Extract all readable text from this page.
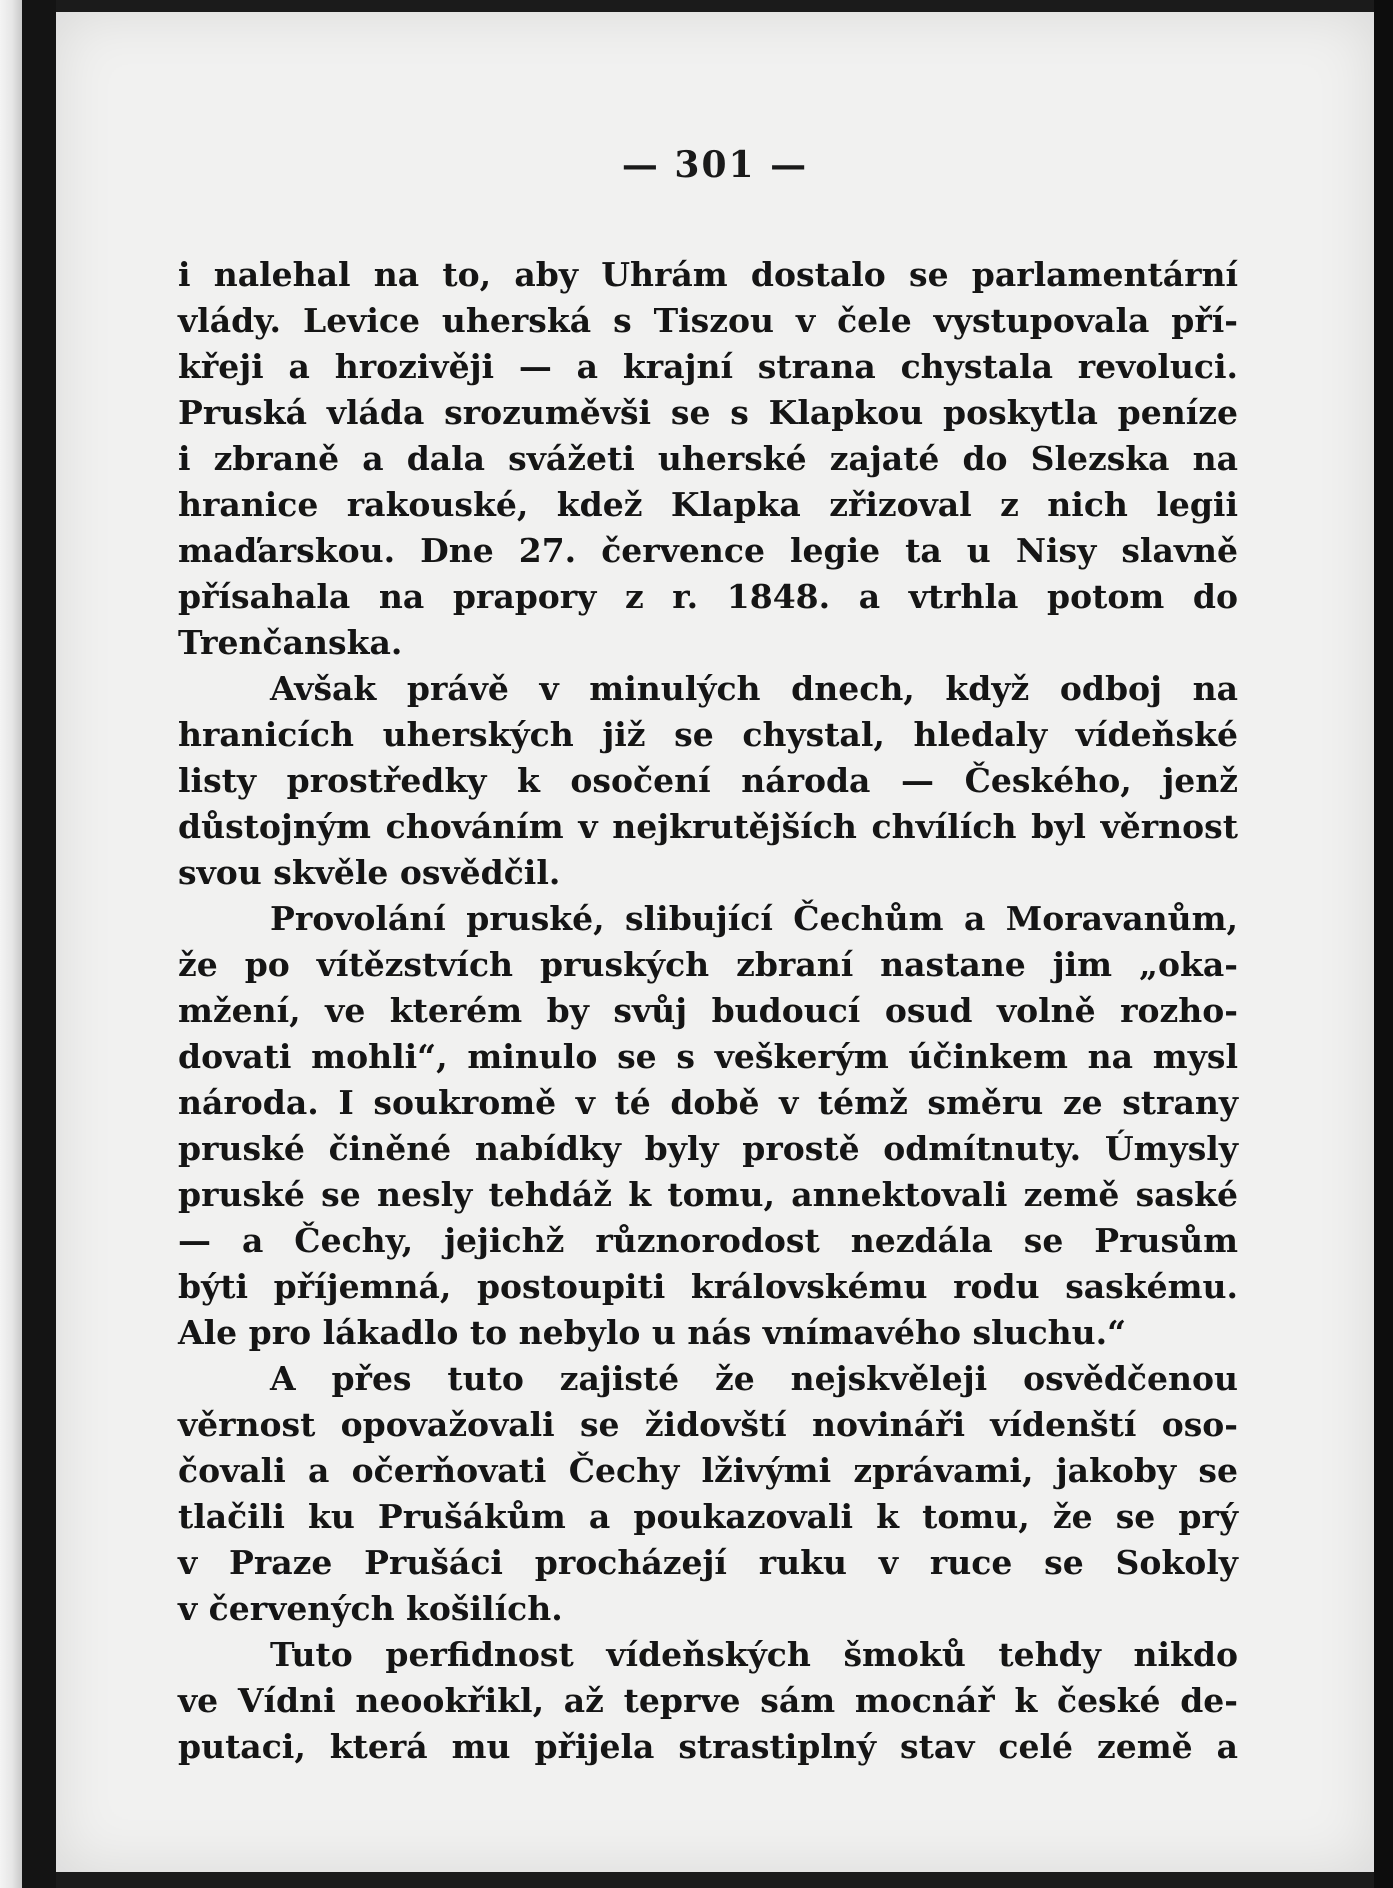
— 301 —
i nalehal na to, aby Uhrám dostalo se parlamentární
vlády. Levice uherská s Tiszou v čele vystupovala pří-
křeji a hrozivěji — a krajní strana chystala revoluci.
Pruská vláda srozuměvši se s Klapkou poskytla peníze
i zbraně a dala svážeti uherské zajaté do Slezska na
hranice rakouské, kdež Klapka zřizoval z nich legii
maďarskou. Dne 27. července legie ta u Nisy slavně
přísahala na prapory z r. 1848. a vtrhla potom do
Trenčanska.
Avšak právě v minulých dnech, když odboj na
hranicích uherských již se chystal, hledaly vídeňské
listy prostředky k osočení národa — Českého, jenž
důstojným chováním v nejkrutějších chvílích byl věrnost
svou skvěle osvědčil.
Provolání pruské, slibující Čechům a Moravanům,
že po vítězstvích pruských zbraní nastane jim „oka-
mžení, ve kterém by svůj budoucí osud volně rozho-
dovati mohli“, minulo se s veškerým účinkem na mysl
národa. I soukromě v té době v témž směru ze strany
pruské činěné nabídky byly prostě odmítnuty. Úmysly
pruské se nesly tehdáž k tomu, annektovali země saské
— a Čechy, jejichž různorodost nezdála se Prusům
býti příjemná, postoupiti královskému rodu saskému.
Ale pro lákadlo to nebylo u nás vnímavého sluchu.“
A přes tuto zajisté že nejskvěleji osvědčenou
věrnost opovažovali se židovští novináři vídenští oso-
čovali a očerňovati Čechy lživými zprávami, jakoby se
tlačili ku Prušákům a poukazovali k tomu, že se prý
v Praze Prušáci procházejí ruku v ruce se Sokoly
v červených košilích.
Tuto perfidnost vídeňských šmoků tehdy nikdo
ve Vídni neookřikl, až teprve sám mocnář k české de-
putaci, která mu přijela strastiplný stav celé země a
